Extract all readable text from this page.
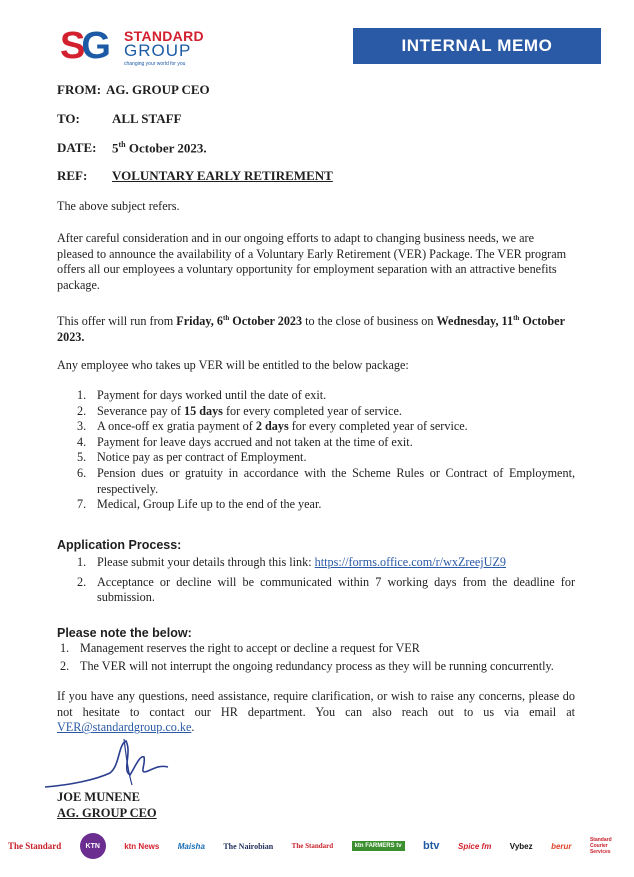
SG STANDARD
GROUP
changing your world for you
INTERNAL MEMO
FROM: AG. GROUP CEO
TO: ALL STAFF
DATE: 5th October 2023.
REF: VOLUNTARY EARLY RETIREMENT
The above subject refers.
After careful consideration and in our ongoing efforts to adapt to changing business needs, we are pleased to announce the availability of a Voluntary Early Retirement (VER) Package. The VER program offers all our employees a voluntary opportunity for employment separation with an attractive benefits package.
This offer will run from Friday, 6th October 2023 to the close of business on Wednesday, 11th October 2023.
Any employee who takes up VER will be entitled to the below package:
1. Payment for days worked until the date of exit.
2. Severance pay of 15 days for every completed year of service.
3. A once-off ex gratia payment of 2 days for every completed year of service.
4. Payment for leave days accrued and not taken at the time of exit.
5. Notice pay as per contract of Employment.
6. Pension dues or gratuity in accordance with the Scheme Rules or Contract of Employment, respectively.
7. Medical, Group Life up to the end of the year.
Application Process:
1. Please submit your details through this link: https://forms.office.com/r/wxZreejUZ9
2. Acceptance or decline will be communicated within 7 working days from the deadline for submission.
Please note the below:
1. Management reserves the right to accept or decline a request for VER
2. The VER will not interrupt the ongoing redundancy process as they will be running concurrently.
If you have any questions, need assistance, require clarification, or wish to raise any concerns, please do not hesitate to contact our HR department. You can also reach out to us via email at VER@standardgroup.co.ke.
JOE MUNENE
AG. GROUP CEO
The Standard	KTN	ktn News Maisha The Nairobian	The Standard	ktn FARMERS tv btv Spice fm Vybez berur
Standard Courier Services
